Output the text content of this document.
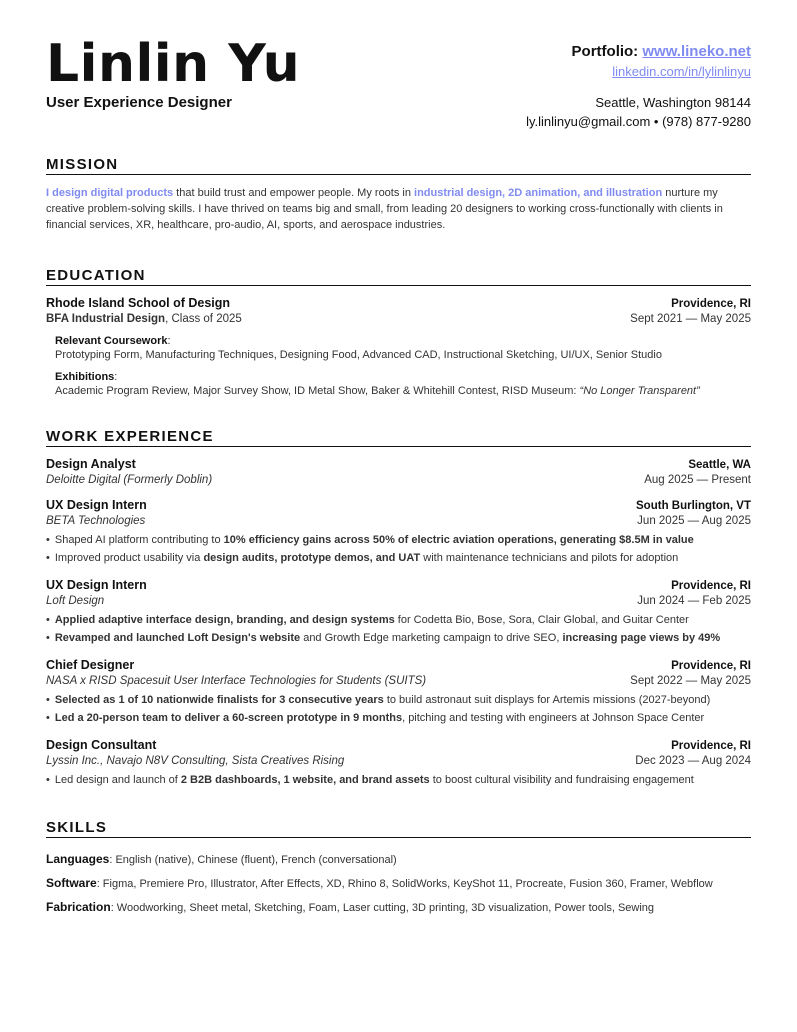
Linlin Yu
User Experience Designer
Portfolio: www.lineko.net
linkedin.com/in/lylinlinyu
Seattle, Washington 98144
ly.linlinyu@gmail.com • (978) 877-9280
MISSION
I design digital products that build trust and empower people. My roots in industrial design, 2D animation, and illustration nurture my creative problem-solving skills. I have thrived on teams big and small, from leading 20 designers to working cross-functionally with clients in financial services, XR, healthcare, pro-audio, AI, sports, and aerospace industries.
EDUCATION
Rhode Island School of Design	Providence, RI
BFA Industrial Design, Class of 2025	Sept 2021 — May 2025
Relevant Coursework:
Prototyping Form, Manufacturing Techniques, Designing Food, Advanced CAD, Instructional Sketching, UI/UX, Senior Studio
Exhibitions:
Academic Program Review, Major Survey Show, ID Metal Show, Baker & Whitehill Contest, RISD Museum: “No Longer Transparent”
WORK EXPERIENCE
Design Analyst	Seattle, WA
Deloitte Digital (Formerly Doblin)	Aug 2025 — Present
UX Design Intern	South Burlington, VT
BETA Technologies	Jun 2025 — Aug 2025
• Shaped AI platform contributing to 10% efficiency gains across 50% of electric aviation operations, generating $8.5M in value
• Improved product usability via design audits, prototype demos, and UAT with maintenance technicians and pilots for adoption
UX Design Intern	Providence, RI
Loft Design	Jun 2024 — Feb 2025
• Applied adaptive interface design, branding, and design systems for Codetta Bio, Bose, Sora, Clair Global, and Guitar Center
• Revamped and launched Loft Design's website and Growth Edge marketing campaign to drive SEO, increasing page views by 49%
Chief Designer	Providence, RI
NASA x RISD Spacesuit User Interface Technologies for Students (SUITS)	Sept 2022 — May 2025
• Selected as 1 of 10 nationwide finalists for 3 consecutive years to build astronaut suit displays for Artemis missions (2027-beyond)
• Led a 20-person team to deliver a 60-screen prototype in 9 months, pitching and testing with engineers at Johnson Space Center
Design Consultant	Providence, RI
Lyssin Inc., Navajo N8V Consulting, Sista Creatives Rising	Dec 2023 — Aug 2024
• Led design and launch of 2 B2B dashboards, 1 website, and brand assets to boost cultural visibility and fundraising engagement
SKILLS
Languages: English (native), Chinese (fluent), French (conversational)
Software: Figma, Premiere Pro, Illustrator, After Effects, XD, Rhino 8, SolidWorks, KeyShot 11, Procreate, Fusion 360, Framer, Webflow
Fabrication: Woodworking, Sheet metal, Sketching, Foam, Laser cutting, 3D printing, 3D visualization, Power tools, Sewing
